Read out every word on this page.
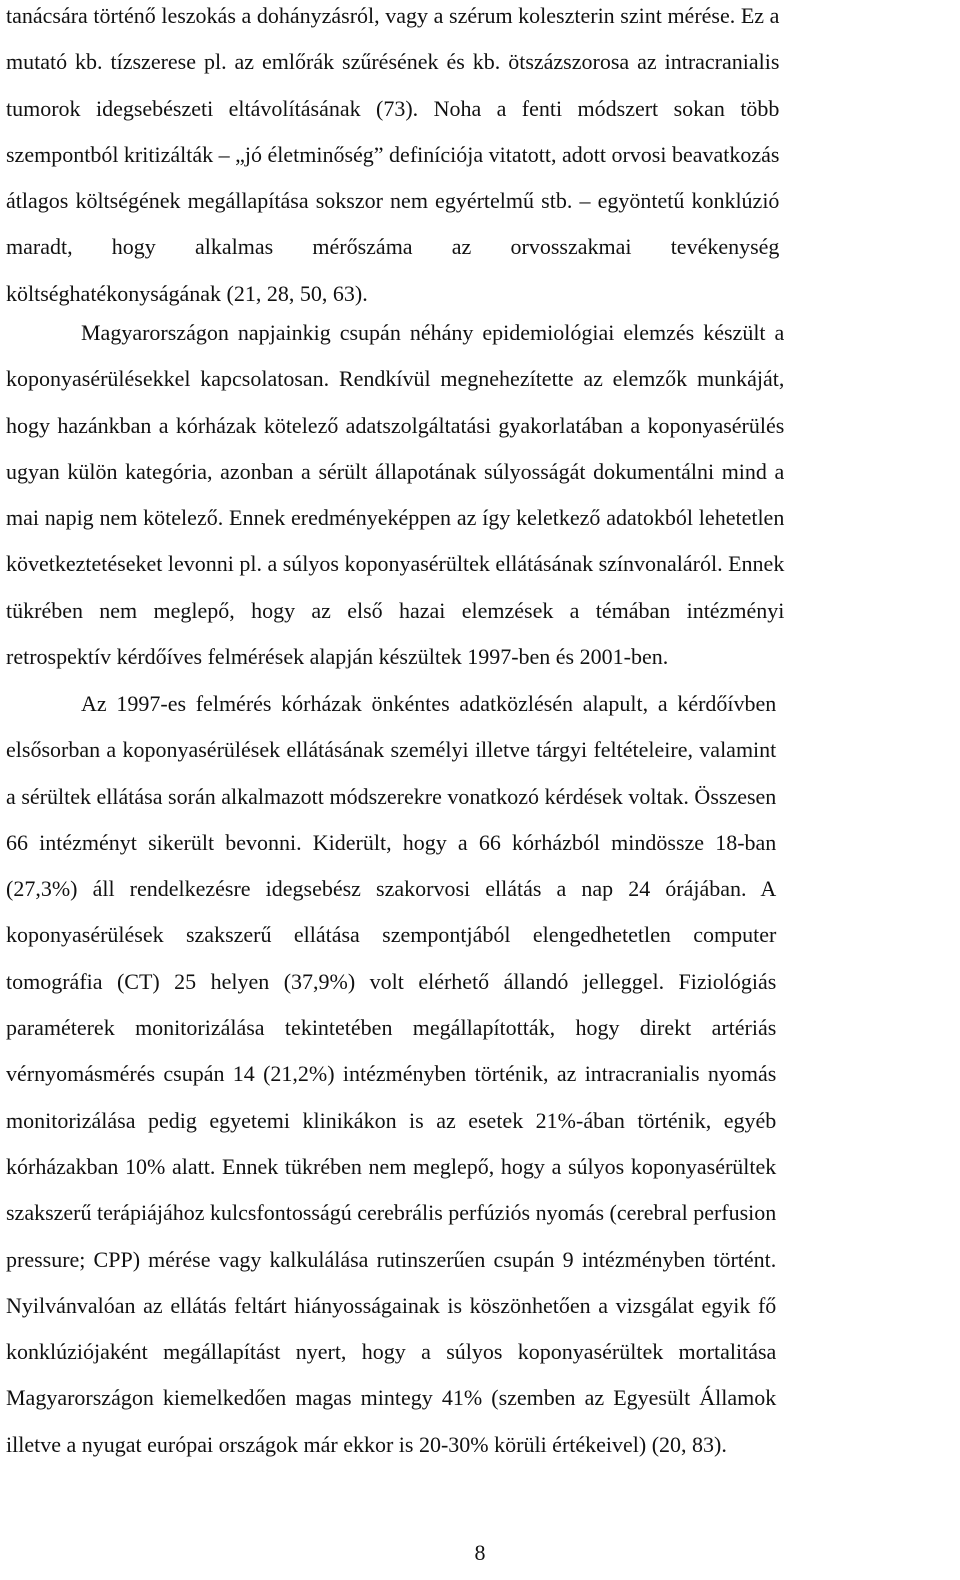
tanácsára történő leszokás a dohányzásról, vagy a szérum koleszterin szint mérése. Ez a
mutató kb. tízszerese pl. az emlőrák szűrésének és kb. ötszázszorosa az intracranialis
tumorok idegsebészeti eltávolításának (73). Noha a fenti módszert sokan több
szempontból kritizálták – „jó életminőség” definíciója vitatott, adott orvosi beavatkozás
átlagos költségének megállapítása sokszor nem egyértelmű stb. – egyöntetű konklúzió
maradt, hogy alkalmas mérőszáma az orvosszakmai tevékenység
költséghatékonyságának (21, 28, 50, 63).
Magyarországon napjainkig csupán néhány epidemiológiai elemzés készült a
koponyasérülésekkel kapcsolatosan. Rendkívül megnehezítette az elemzők munkáját,
hogy hazánkban a kórházak kötelező adatszolgáltatási gyakorlatában a koponyasérülés
ugyan külön kategória, azonban a sérült állapotának súlyosságát dokumentálni mind a
mai napig nem kötelező. Ennek eredményeképpen az így keletkező adatokból lehetetlen
következtetéseket levonni pl. a súlyos koponyasérültek ellátásának színvonaláról. Ennek
tükrében nem meglepő, hogy az első hazai elemzések a témában intézményi
retrospektív kérdőíves felmérések alapján készültek 1997-ben és 2001-ben.
Az 1997-es felmérés kórházak önkéntes adatközlésén alapult, a kérdőívben
elsősorban a koponyasérülések ellátásának személyi illetve tárgyi feltételeire, valamint
a sérültek ellátása során alkalmazott módszerekre vonatkozó kérdések voltak. Összesen
66 intézményt sikerült bevonni. Kiderült, hogy a 66 kórházból mindössze 18-ban
(27,3%) áll rendelkezésre idegsebész szakorvosi ellátás a nap 24 órájában. A
koponyasérülések szakszerű ellátása szempontjából elengedhetetlen computer
tomográfia (CT) 25 helyen (37,9%) volt elérhető állandó jelleggel. Fiziológiás
paraméterek monitorizálása tekintetében megállapították, hogy direkt artériás
vérnyomásmérés csupán 14 (21,2%) intézményben történik, az intracranialis nyomás
monitorizálása pedig egyetemi klinikákon is az esetek 21%-ában történik, egyéb
kórházakban 10% alatt. Ennek tükrében nem meglepő, hogy a súlyos koponyasérültek
szakszerű terápiájához kulcsfontosságú cerebrális perfúziós nyomás (cerebral perfusion
pressure; CPP) mérése vagy kalkulálása rutinszerűen csupán 9 intézményben történt.
Nyilvánvalóan az ellátás feltárt hiányosságainak is köszönhetően a vizsgálat egyik fő
konklúziójaként megállapítást nyert, hogy a súlyos koponyasérültek mortalitása
Magyarországon kiemelkedően magas mintegy 41% (szemben az Egyesült Államok
illetve a nyugat európai országok már ekkor is 20-30% körüli értékeivel) (20, 83).
8
